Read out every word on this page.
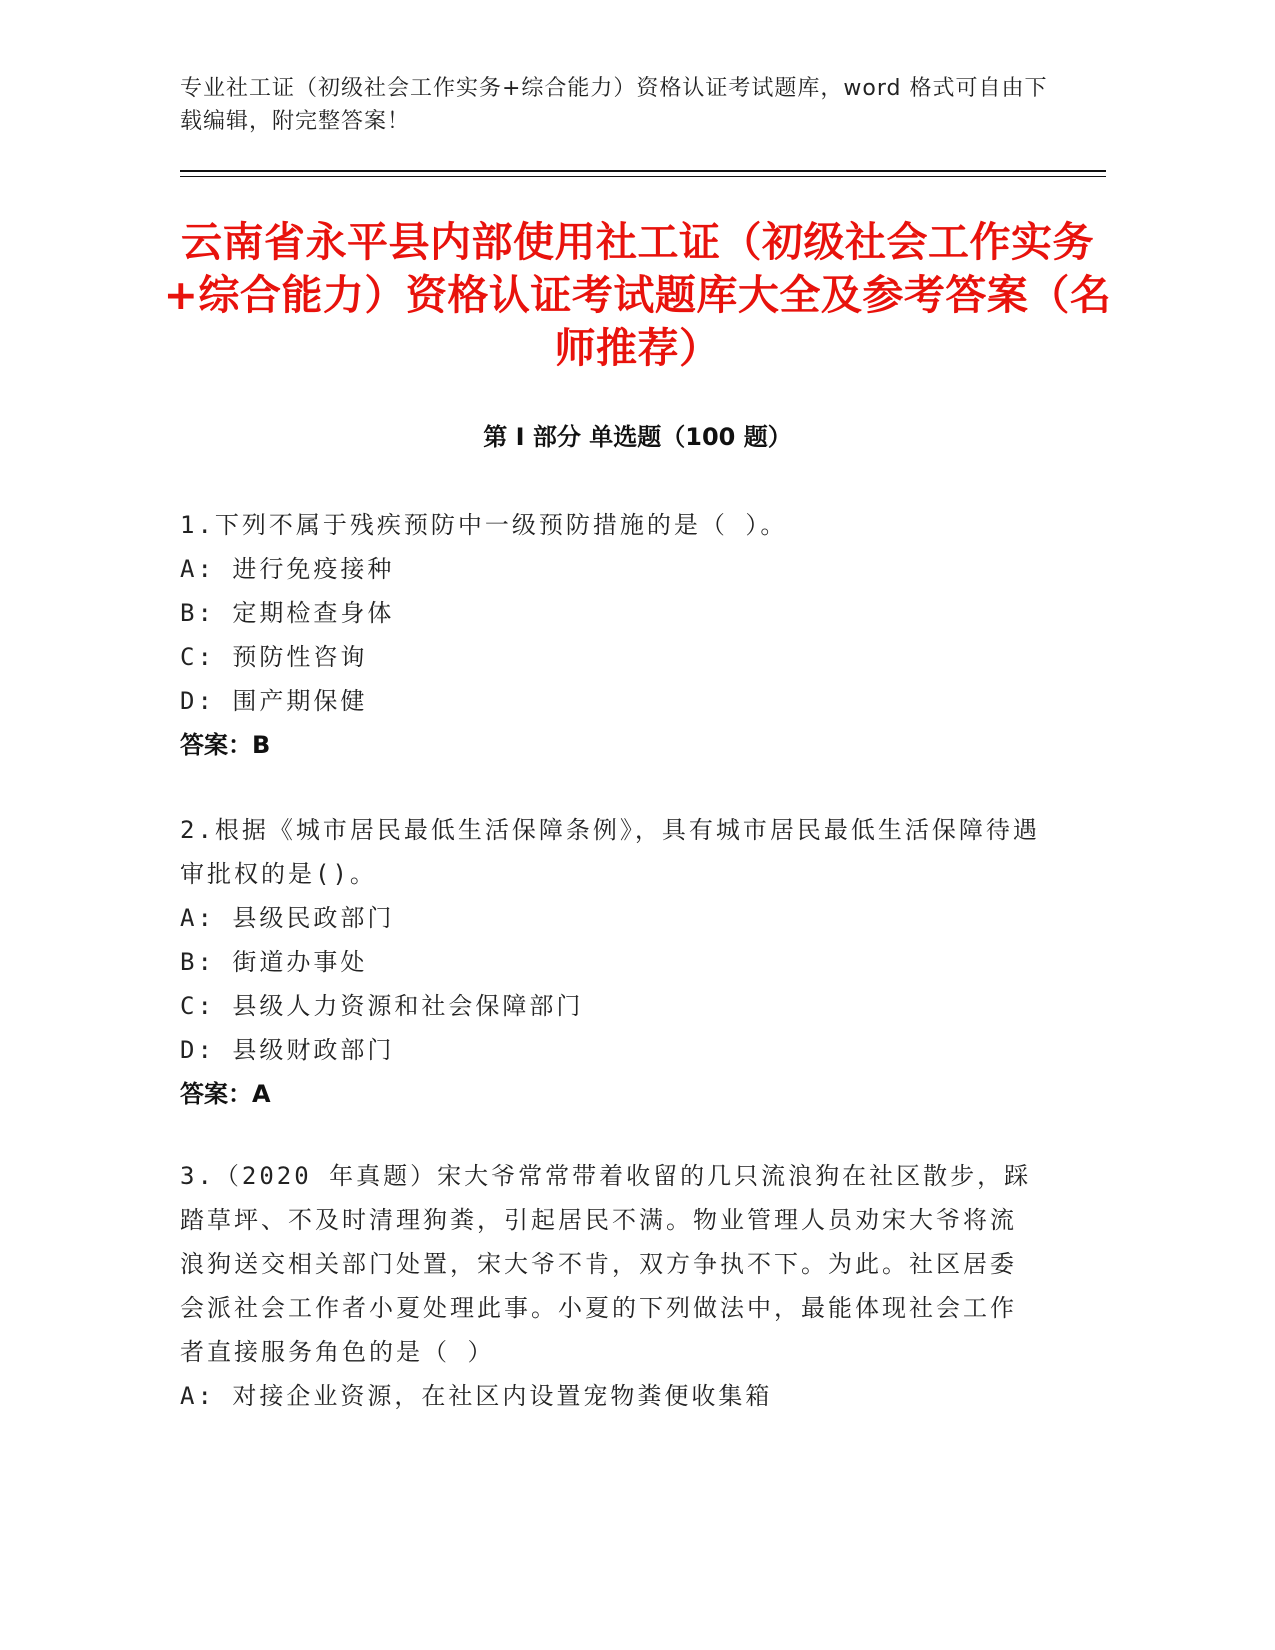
专业社工证（初级社会工作实务+综合能力）资格认证考试题库，word 格式可自由下载编辑，附完整答案！
云南省永平县内部使用社工证（初级社会工作实务+综合能力）资格认证考试题库大全及参考答案（名师推荐）
第 I 部分 单选题（100 题）

1.下列不属于残疾预防中一级预防措施的是（ ）。

A: 进行免疫接种

B: 定期检查身体

C: 预防性咨询

D: 围产期保健

答案：B

2.根据《城市居民最低生活保障条例》，具有城市居民最低生活保障待遇审批权的是()。

A: 县级民政部门

B: 街道办事处

C: 县级人力资源和社会保障部门

D: 县级财政部门

答案：A

3.（2020 年真题）宋大爷常常带着收留的几只流浪狗在社区散步，踩踏草坪、不及时清理狗粪，引起居民不满。物业管理人员劝宋大爷将流浪狗送交相关部门处置，宋大爷不肯，双方争执不下。为此。社区居委会派社会工作者小夏处理此事。小夏的下列做法中，最能体现社会工作者直接服务角色的是（ ）

A: 对接企业资源，在社区内设置宠物粪便收集箱
